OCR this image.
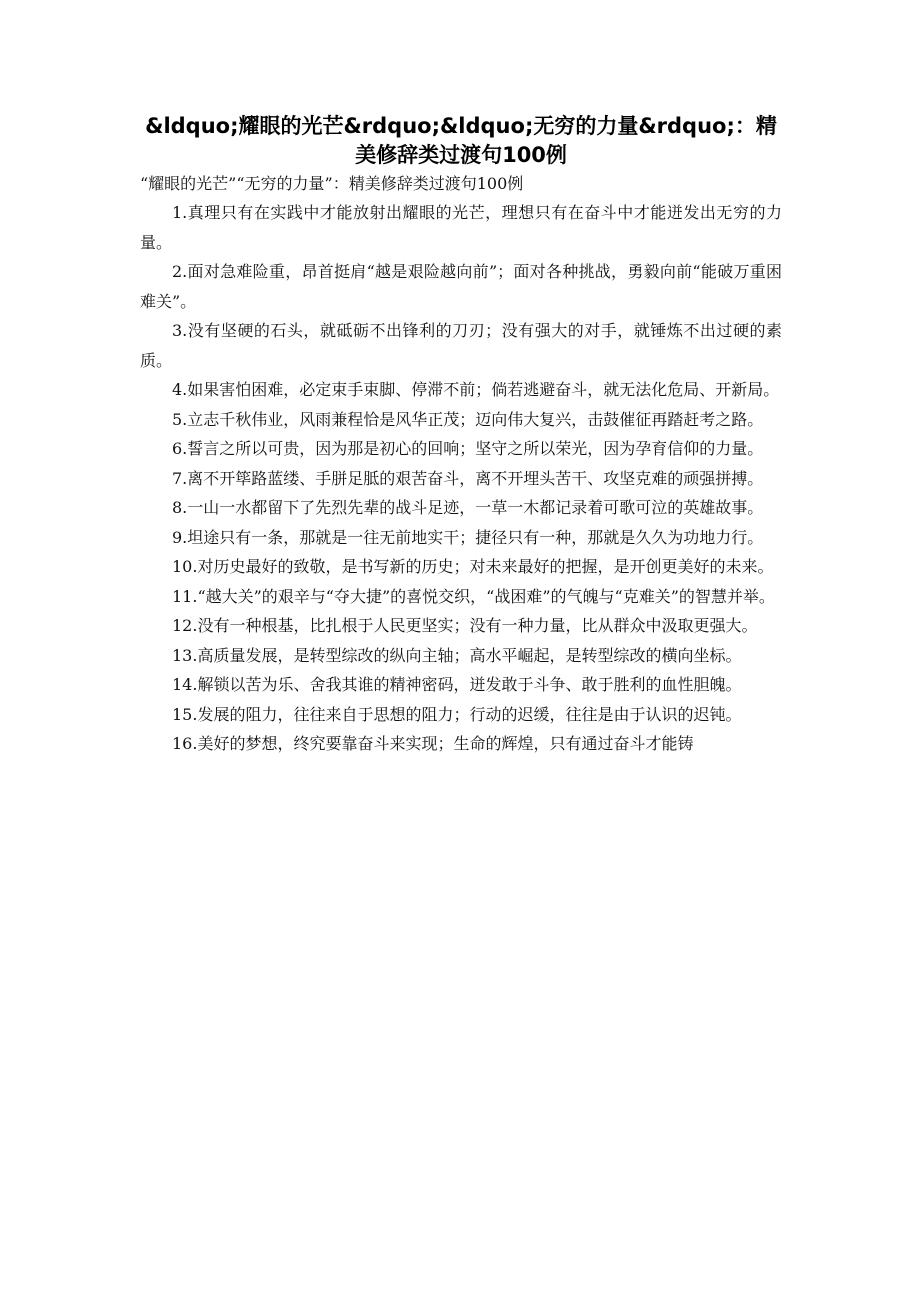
&ldquo;耀眼的光芒&rdquo;&ldquo;无穷的力量&rdquo;：精美修辞类过渡句100例

“耀眼的光芒”“无穷的力量”：精美修辞类过渡句100例

1.真理只有在实践中才能放射出耀眼的光芒，理想只有在奋斗中才能迸发出无穷的力量。
2.面对急难险重，昂首挺肩“越是艰险越向前”；面对各种挑战，勇毅向前“能破万重困难关”。
3.没有坚硬的石头，就砥砺不出锋利的刀刃；没有强大的对手，就锤炼不出过硬的素质。
4.如果害怕困难，必定束手束脚、停滞不前；倘若逃避奋斗，就无法化危局、开新局。
5.立志千秋伟业，风雨兼程恰是风华正茂；迈向伟大复兴，击鼓催征再踏赶考之路。
6.誓言之所以可贵，因为那是初心的回响；坚守之所以荣光，因为孕育信仰的力量。
7.离不开筚路蓝缕、手胼足胝的艰苦奋斗，离不开埋头苦干、攻坚克难的顽强拼搏。
8.一山一水都留下了先烈先辈的战斗足迹，一草一木都记录着可歌可泣的英雄故事。
9.坦途只有一条，那就是一往无前地实干；捷径只有一种，那就是久久为功地力行。
10.对历史最好的致敬，是书写新的历史；对未来最好的把握，是开创更美好的未来。
11.“越大关”的艰辛与“夺大捷”的喜悦交织，“战困难”的气魄与“克难关”的智慧并举。
12.没有一种根基，比扎根于人民更坚实；没有一种力量，比从群众中汲取更强大。
13.高质量发展，是转型综改的纵向主轴；高水平崛起，是转型综改的横向坐标。
14.解锁以苦为乐、舍我其谁的精神密码，迸发敢于斗争、敢于胜利的血性胆魄。
15.发展的阻力，往往来自于思想的阻力；行动的迟缓，往往是由于认识的迟钝。
16.美好的梦想，终究要靠奋斗来实现；生命的辉煌，只有通过奋斗才能铸
